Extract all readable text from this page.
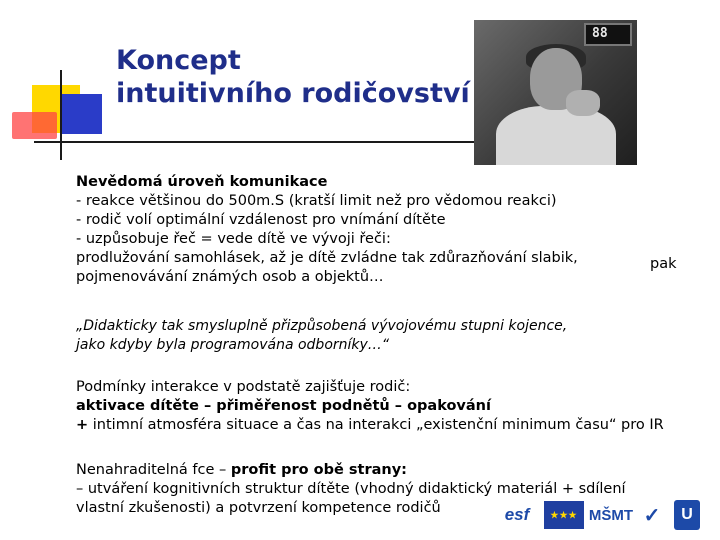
Koncept
intuitivního rodičovství
88
Nevědomá úroveň komunikace
- reakce většinou do 500m.S (kratší limit než pro vědomou reakci)
- rodič volí optimální vzdálenost pro vnímání dítěte
- uzpůsobuje řeč = vede dítě ve vývoji řeči:
prodlužování samohlásek, až je dítě zvládne tak zdůrazňování slabik,
pojmenovávání známých osob a objektů…
pak
„Didakticky tak smysluplně přizpůsobená vývojovému stupni kojence,
jako kdyby byla programována odborníky…“
Podmínky interakce v podstatě zajišťuje rodič:
aktivace dítěte – přiměřenost podnětů – opakování
+ intimní atmosféra situace a čas na interakci „existenční minimum času“ pro IR
Nenahraditelná fce – profit pro obě strany:
– utváření kognitivních struktur dítěte (vhodný didaktický materiál + sdílení
vlastní zkušenosti) a potvrzení kompetence rodičů	esf	★★★ MŠMT ✓	U
